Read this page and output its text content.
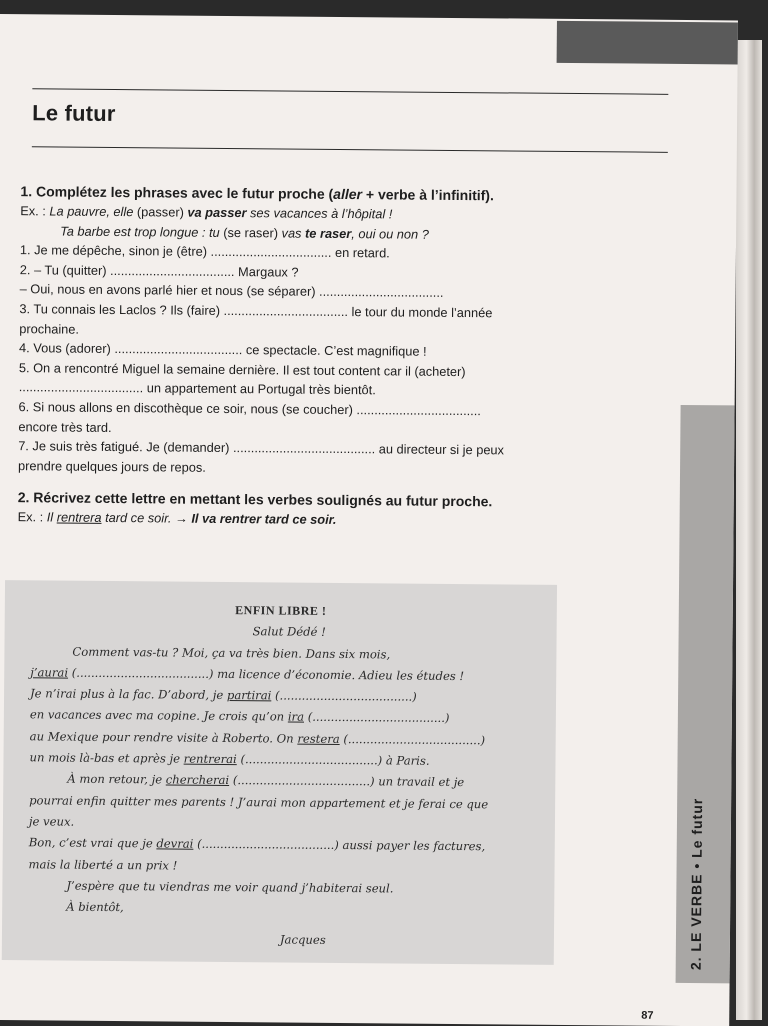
Le futur
1. Complétez les phrases avec le futur proche (aller + verbe à l’infinitif).
Ex. : La pauvre, elle (passer) va passer ses vacances à l’hôpital !
Ta barbe est trop longue : tu (se raser) vas te raser, oui ou non ?
1. Je me dépêche, sinon je (être) .................................. en retard.
2. – Tu (quitter) ................................... Margaux ?
– Oui, nous en avons parlé hier et nous (se séparer) ...................................
3. Tu connais les Laclos ? Ils (faire) ................................... le tour du monde l’année
prochaine.
4. Vous (adorer) .................................... ce spectacle. C’est magnifique !
5. On a rencontré Miguel la semaine dernière. Il est tout content car il (acheter)
................................... un appartement au Portugal très bientôt.
6. Si nous allons en discothèque ce soir, nous (se coucher) ...................................
encore très tard.
7. Je suis très fatigué. Je (demander) ........................................ au directeur si je peux
prendre quelques jours de repos.
2. Récrivez cette lettre en mettant les verbes soulignés au futur proche.
Ex. : Il rentrera tard ce soir. → Il va rentrer tard ce soir.
ENFIN LIBRE !
Salut Dédé !
Comment vas-tu ? Moi, ça va très bien. Dans six mois,
j’aurai (....................................) ma licence d’économie. Adieu les études !
Je n’irai plus à la fac. D’abord, je partirai (....................................)
en vacances avec ma copine. Je crois qu’on ira (....................................)
au Mexique pour rendre visite à Roberto. On restera (....................................)
un mois là-bas et après je rentrerai (....................................) à Paris.
À mon retour, je chercherai (....................................) un travail et je
pourrai enfin quitter mes parents ! J’aurai mon appartement et je ferai ce que
je veux.
Bon, c’est vrai que je devrai (....................................) aussi payer les factures,
mais la liberté a un prix !
J’espère que tu viendras me voir quand j’habiterai seul.
À bientôt,
Jacques	2. LE VERBE • Le futur
87
